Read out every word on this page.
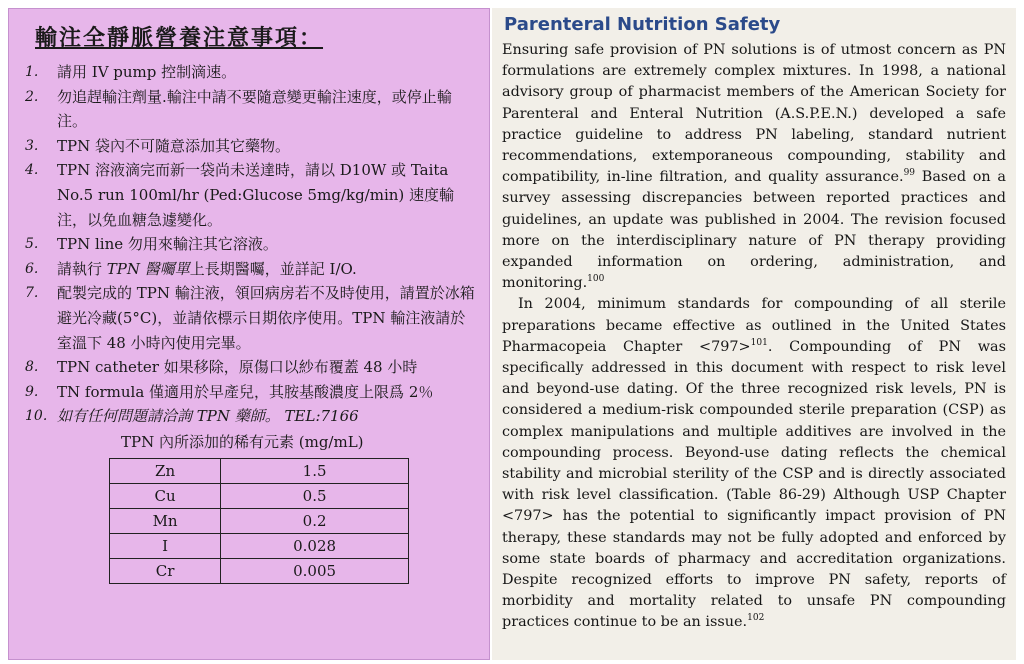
輸注全靜脈營養注意事項：
1.	請用 IV pump 控制滴速。
2.	勿追趕輸注劑量.輸注中請不要隨意變更輸注速度，或停止輸注。
3.	TPN 袋內不可隨意添加其它藥物。
4.	TPN 溶液滴完而新一袋尚未送達時，請以 D10W 或 Taita No.5 run 100ml/hr (Ped:Glucose 5mg/kg/min) 速度輸注，以免血糖急遽變化。
5.	TPN line 勿用來輸注其它溶液。
6.	請執行 TPN 醫囑單上長期醫囑，並詳記 I/O.
7.	配製完成的 TPN 輸注液，領回病房若不及時使用，請置於冰箱避光冷藏(5°C)，並請依標示日期依序使用。TPN 輸注液請於室溫下 48 小時內使用完畢。
8.	TPN catheter 如果移除，原傷口以紗布覆蓋 48 小時
9.	TN formula 僅適用於早產兒，其胺基酸濃度上限爲 2％
10. 如有任何問題請洽詢 TPN 藥師。 TEL:7166
TPN 內所添加的稀有元素 (mg/mL)
Zn	1.5
Cu	0.5
Mn	0.2
I	0.028
Cr	0.005
Parenteral Nutrition Safety

Ensuring safe provision of PN solutions is of utmost concern as PN formulations are extremely complex mixtures. In 1998, a national advisory group of pharmacist members of the American Society for Parenteral and Enteral Nutrition (A.S.P.E.N.) developed a safe practice guideline to address PN labeling, standard nutrient recommendations, extemporaneous compounding, stability and compatibility, in-line filtration, and quality assurance.$^{99}$ Based on a survey assessing discrepancies between reported practices and guidelines, an update was published in 2004. The revision focused more on the interdisciplinary nature of PN therapy providing expanded information on ordering, administration, and monitoring.$^{100}$

In 2004, minimum standards for compounding of all sterile preparations became effective as outlined in the United States Pharmacopeia Chapter <797>$^{101}$. Compounding of PN was specifically addressed in this document with respect to risk level and beyond-use dating. Of the three recognized risk levels, PN is considered a medium-risk compounded sterile preparation (CSP) as complex manipulations and multiple additives are involved in the compounding process. Beyond-use dating reflects the chemical stability and microbial sterility of the CSP and is directly associated with risk level classification. (Table 86-29) Although USP Chapter <797> has the potential to significantly impact provision of PN therapy, these standards may not be fully adopted and enforced by some state boards of pharmacy and accreditation organizations. Despite recognized efforts to improve PN safety, reports of morbidity and mortality related to unsafe PN compounding practices continue to be an issue.$^{102}$
